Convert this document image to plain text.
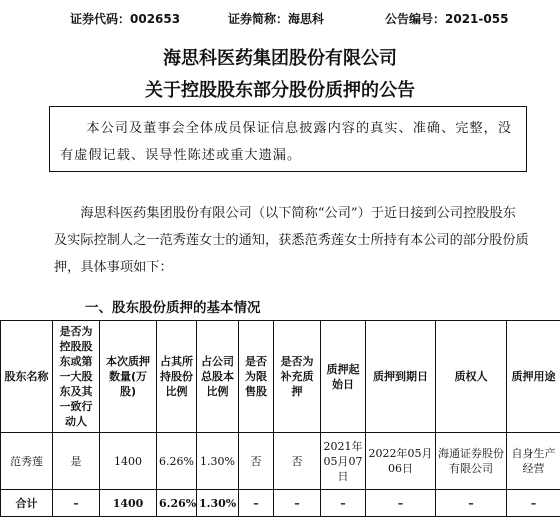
证券代码：002653	证券简称：海思科	公告编号：2021-055
海思科医药集团股份有限公司
关于控股股东部分股份质押的公告

本公司及董事会全体成员保证信息披露内容的真实、准确、完整，没有虚假记载、误导性陈述或重大遗漏。

海思科医药集团股份有限公司（以下简称“公司”）于近日接到公司控股股东及实际控制人之一范秀莲女士的通知，获悉范秀莲女士所持有本公司的部分股份质押，具体事项如下：

一、股东股份质押的基本情况
股东名称	是否为控股股东或第一大股东及其一致行动人	本次质押数量(万股)	占其所持股份比例	占公司总股本比例	是否为限售股	是否为补充质押	质押起始日	质押到期日	质权人	质押用途
范秀莲	是	1400	6.26%	1.30%	否	否	2021年05月07日	2022年05月06日	海通证券股份有限公司	自身生产经营
合计	–	1400	6.26%	1.30%	–	–	–	–	–	–
